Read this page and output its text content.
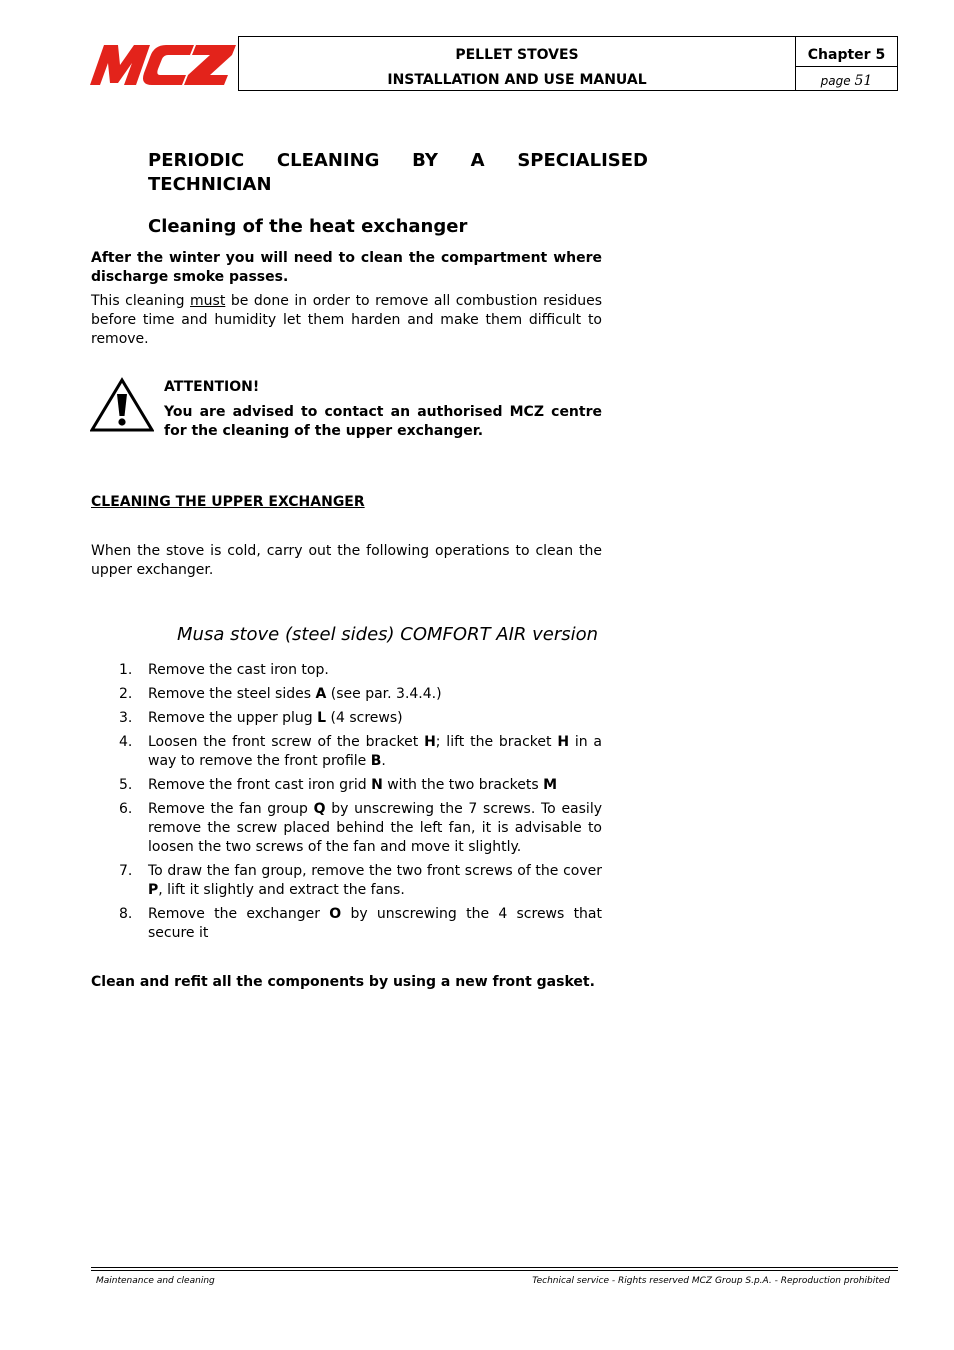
MCZ
PELLET STOVES
INSTALLATION AND USE MANUAL
Chapter 5
page 51
PERIODIC CLEANING BY A SPECIALISED
TECHNICIAN
Cleaning of the heat exchanger
After the winter you will need to clean the compartment where discharge smoke passes.
This cleaning must be done in order to remove all combustion residues before time and humidity let them harden and make them difficult to remove.
ATTENTION!
You are advised to contact an authorised MCZ centre for the cleaning of the upper exchanger.
CLEANING THE UPPER EXCHANGER
When the stove is cold, carry out the following operations to clean the upper exchanger.
Musa stove (steel sides) COMFORT AIR version
1. Remove the cast iron top.
2. Remove the steel sides A (see par. 3.4.4.)
3. Remove the upper plug L (4 screws)
4. Loosen the front screw of the bracket H; lift the bracket H in a way to remove the front profile B.
5. Remove the front cast iron grid N with the two brackets M
6. Remove the fan group Q by unscrewing the 7 screws. To easily remove the screw placed behind the left fan, it is advisable to loosen the two screws of the fan and move it slightly.
7. To draw the fan group, remove the two front screws of the cover P, lift it slightly and extract the fans.
8. Remove the exchanger O by unscrewing the 4 screws that secure it
Clean and refit all the components by using a new front gasket.
Maintenance and cleaning	Technical service - Rights reserved MCZ Group S.p.A. - Reproduction prohibited
